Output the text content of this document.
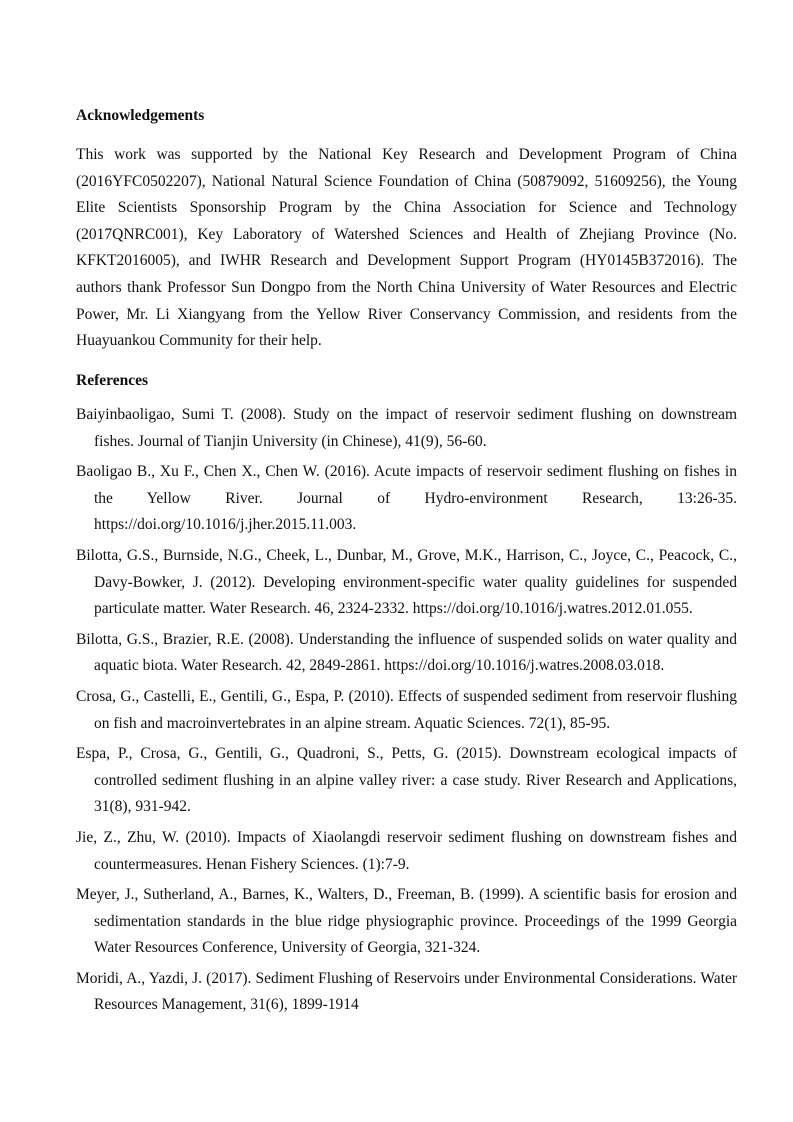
Acknowledgements

This work was supported by the National Key Research and Development Program of China (2016YFC0502207), National Natural Science Foundation of China (50879092, 51609256), the Young Elite Scientists Sponsorship Program by the China Association for Science and Technology (2017QNRC001), Key Laboratory of Watershed Sciences and Health of Zhejiang Province (No. KFKT2016005), and IWHR Research and Development Support Program (HY0145B372016). The authors thank Professor Sun Dongpo from the North China University of Water Resources and Electric Power, Mr. Li Xiangyang from the Yellow River Conservancy Commission, and residents from the Huayuankou Community for their help.

References
Baiyinbaoligao, Sumi T. (2008). Study on the impact of reservoir sediment flushing on downstream fishes. Journal of Tianjin University (in Chinese), 41(9), 56-60.
Baoligao B., Xu F., Chen X., Chen W. (2016). Acute impacts of reservoir sediment flushing on fishes in the Yellow River. Journal of Hydro-environment Research, 13:26-35. https://doi.org/10.1016/j.jher.2015.11.003.
Bilotta, G.S., Burnside, N.G., Cheek, L., Dunbar, M., Grove, M.K., Harrison, C., Joyce, C., Peacock, C., Davy-Bowker, J. (2012). Developing environment-specific water quality guidelines for suspended particulate matter. Water Research. 46, 2324-2332. https://doi.org/10.1016/j.watres.2012.01.055.
Bilotta, G.S., Brazier, R.E. (2008). Understanding the influence of suspended solids on water quality and aquatic biota. Water Research. 42, 2849-2861. https://doi.org/10.1016/j.watres.2008.03.018.
Crosa, G., Castelli, E., Gentili, G., Espa, P. (2010). Effects of suspended sediment from reservoir flushing on fish and macroinvertebrates in an alpine stream. Aquatic Sciences. 72(1), 85-95.
Espa, P., Crosa, G., Gentili, G., Quadroni, S., Petts, G. (2015). Downstream ecological impacts of controlled sediment flushing in an alpine valley river: a case study. River Research and Applications, 31(8), 931-942.
Jie, Z., Zhu, W. (2010). Impacts of Xiaolangdi reservoir sediment flushing on downstream fishes and countermeasures. Henan Fishery Sciences. (1):7-9.
Meyer, J., Sutherland, A., Barnes, K., Walters, D., Freeman, B. (1999). A scientific basis for erosion and sedimentation standards in the blue ridge physiographic province. Proceedings of the 1999 Georgia Water Resources Conference, University of Georgia, 321-324.
Moridi, A., Yazdi, J. (2017). Sediment Flushing of Reservoirs under Environmental Considerations. Water Resources Management, 31(6), 1899-1914
